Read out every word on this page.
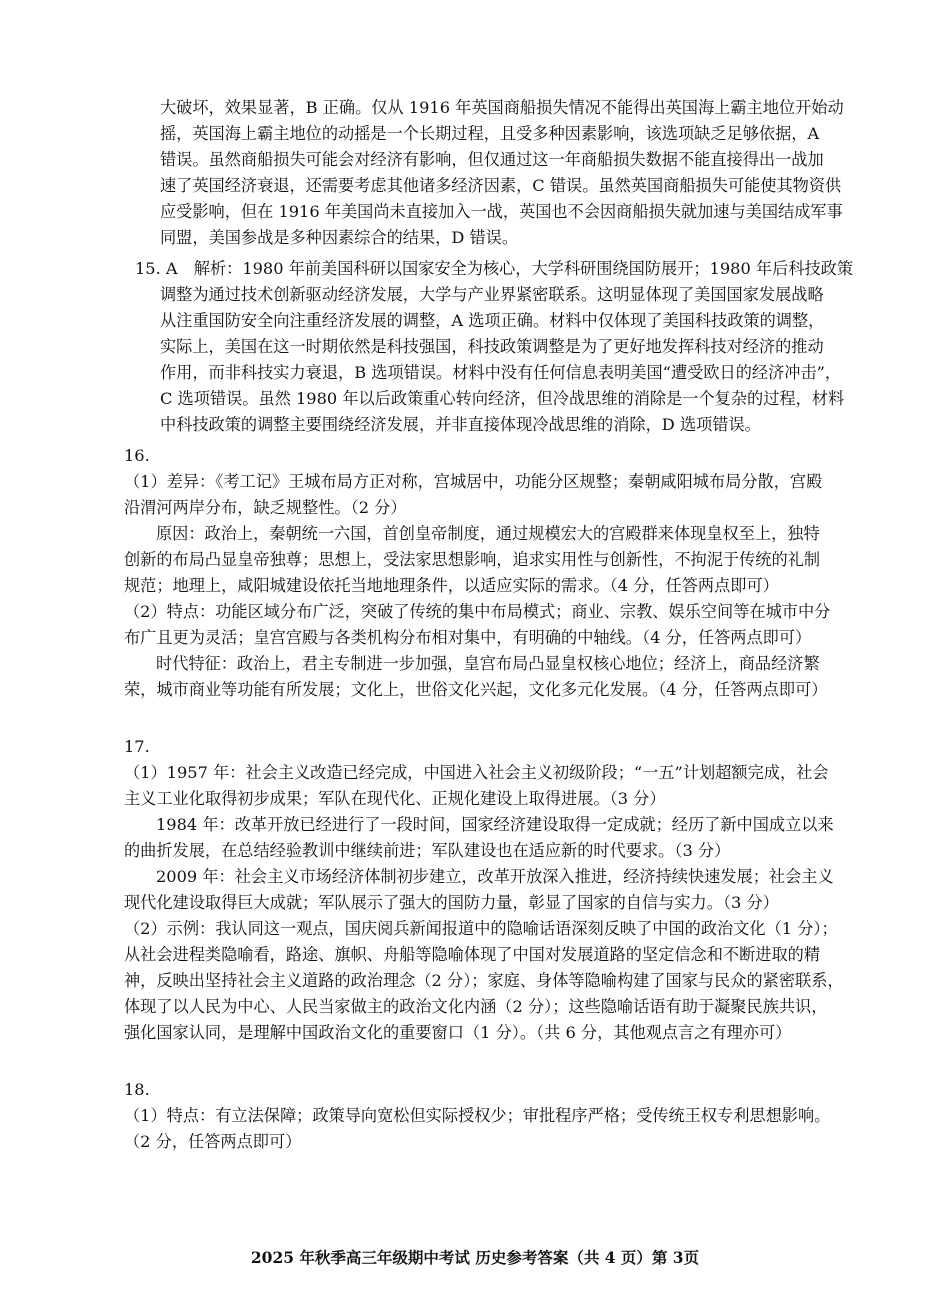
大破坏，效果显著，B 正确。仅从 1916 年英国商船损失情况不能得出英国海上霸主地位开始动
摇，英国海上霸主地位的动摇是一个长期过程，且受多种因素影响，该选项缺乏足够依据，A
错误。虽然商船损失可能会对经济有影响，但仅通过这一年商船损失数据不能直接得出一战加
速了英国经济衰退，还需要考虑其他诸多经济因素，C 错误。虽然英国商船损失可能使其物资供
应受影响，但在 1916 年美国尚未直接加入一战，英国也不会因商船损失就加速与美国结成军事
同盟，美国参战是多种因素综合的结果，D 错误。
15. A　解析：1980 年前美国科研以国家安全为核心，大学科研围绕国防展开；1980 年后科技政策
调整为通过技术创新驱动经济发展，大学与产业界紧密联系。这明显体现了美国国家发展战略
从注重国防安全向注重经济发展的调整，A 选项正确。材料中仅体现了美国科技政策的调整，
实际上，美国在这一时期依然是科技强国，科技政策调整是为了更好地发挥科技对经济的推动
作用，而非科技实力衰退，B 选项错误。材料中没有任何信息表明美国“遭受欧日的经济冲击”，
C 选项错误。虽然 1980 年以后政策重心转向经济，但冷战思维的消除是一个复杂的过程，材料
中科技政策的调整主要围绕经济发展，并非直接体现冷战思维的消除，D 选项错误。
16.
（1）差异：《考工记》王城布局方正对称，宫城居中，功能分区规整；秦朝咸阳城布局分散，宫殿
沿渭河两岸分布，缺乏规整性。（2 分）
原因：政治上，秦朝统一六国，首创皇帝制度，通过规模宏大的宫殿群来体现皇权至上，独特
创新的布局凸显皇帝独尊；思想上，受法家思想影响，追求实用性与创新性，不拘泥于传统的礼制
规范；地理上，咸阳城建设依托当地地理条件，以适应实际的需求。（4 分，任答两点即可）
（2）特点：功能区域分布广泛，突破了传统的集中布局模式；商业、宗教、娱乐空间等在城市中分
布广且更为灵活；皇宫宫殿与各类机构分布相对集中，有明确的中轴线。（4 分，任答两点即可）
时代特征：政治上，君主专制进一步加强，皇宫布局凸显皇权核心地位；经济上，商品经济繁
荣，城市商业等功能有所发展；文化上，世俗文化兴起，文化多元化发展。（4 分，任答两点即可）
17.
（1）1957 年：社会主义改造已经完成，中国进入社会主义初级阶段；“一五”计划超额完成，社会
主义工业化取得初步成果；军队在现代化、正规化建设上取得进展。（3 分）
1984 年：改革开放已经进行了一段时间，国家经济建设取得一定成就；经历了新中国成立以来
的曲折发展，在总结经验教训中继续前进；军队建设也在适应新的时代要求。（3 分）
2009 年：社会主义市场经济体制初步建立，改革开放深入推进，经济持续快速发展；社会主义
现代化建设取得巨大成就；军队展示了强大的国防力量，彰显了国家的自信与实力。（3 分）
（2）示例：我认同这一观点，国庆阅兵新闻报道中的隐喻话语深刻反映了中国的政治文化（1 分）；
从社会进程类隐喻看，路途、旗帜、舟船等隐喻体现了中国对发展道路的坚定信念和不断进取的精
神，反映出坚持社会主义道路的政治理念（2 分）；家庭、身体等隐喻构建了国家与民众的紧密联系，
体现了以人民为中心、人民当家做主的政治文化内涵（2 分）；这些隐喻话语有助于凝聚民族共识，
强化国家认同，是理解中国政治文化的重要窗口（1 分）。（共 6 分，其他观点言之有理亦可）
18.
（1）特点：有立法保障；政策导向宽松但实际授权少；审批程序严格；受传统王权专利思想影响。
（2 分，任答两点即可）
2025 年秋季高三年级期中考试 历史参考答案（共 4 页）第 3页
